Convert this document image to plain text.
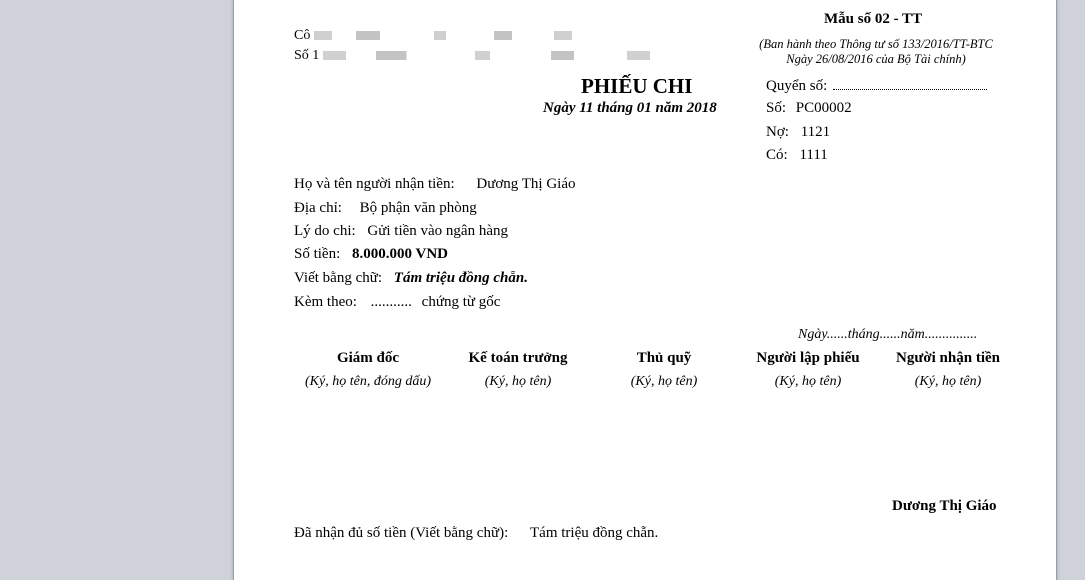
Cô
Số 1
Mẫu số 02 - TT
(Ban hành theo Thông tư số 133/2016/TT-BTC
Ngày 26/08/2016 của Bộ Tài chính)
PHIẾU CHI
Ngày 11 tháng 01 năm 2018
Quyển số:
Số: PC00002
Nợ: 1121
Có: 1111
Họ và tên người nhận tiền: Dương Thị Giáo
Địa chỉ: Bộ phận văn phòng
Lý do chi: Gửi tiền vào ngân hàng
Số tiền: 8.000.000 VND
Viết bằng chữ: Tám triệu đồng chẵn.
Kèm theo: ........... chứng từ gốc
Ngày......tháng......năm...............
Giám đốc	Kế toán trưởng	Thủ quỹ	Người lập phiếu	Người nhận tiền
(Ký, họ tên, đóng dấu)	(Ký, họ tên)	(Ký, họ tên)	(Ký, họ tên)	(Ký, họ tên)
Dương Thị Giáo
Đã nhận đủ số tiền (Viết bằng chữ): Tám triệu đồng chẵn.
